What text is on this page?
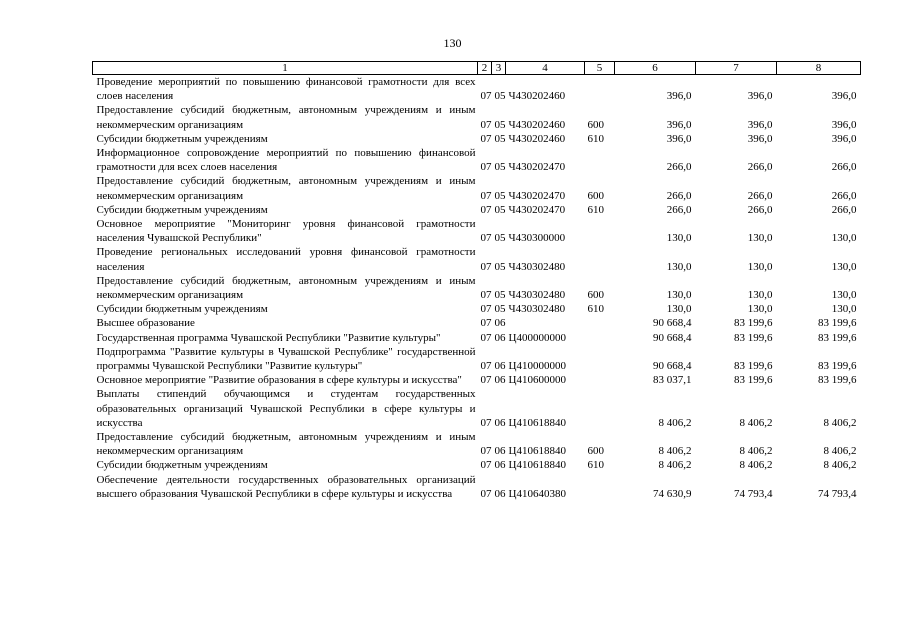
130
1	2	3	4	5	6	7	8
Проведение мероприятий по повышению финансовой грамотности для всех слоев населения	07	05	Ч430202460		396,0	396,0	396,0
Предоставление субсидий бюджетным, автономным учреждениям и иным некоммерческим организациям	07	05	Ч430202460	600	396,0	396,0	396,0
Субсидии бюджетным учреждениям	07	05	Ч430202460	610	396,0	396,0	396,0
Информационное сопровождение мероприятий по повышению финансовой грамотности для всех слоев населения	07	05	Ч430202470		266,0	266,0	266,0
Предоставление субсидий бюджетным, автономным учреждениям и иным некоммерческим организациям	07	05	Ч430202470	600	266,0	266,0	266,0
Субсидии бюджетным учреждениям	07	05	Ч430202470	610	266,0	266,0	266,0
Основное мероприятие "Мониторинг уровня финансовой грамотности населения Чувашской Республики"	07	05	Ч430300000		130,0	130,0	130,0
Проведение региональных исследований уровня финансовой грамотности населения	07	05	Ч430302480		130,0	130,0	130,0
Предоставление субсидий бюджетным, автономным учреждениям и иным некоммерческим организациям	07	05	Ч430302480	600	130,0	130,0	130,0
Субсидии бюджетным учреждениям	07	05	Ч430302480	610	130,0	130,0	130,0
Высшее образование	07	06			90 668,4	83 199,6	83 199,6
Государственная программа Чувашской Республики "Развитие культуры"	07	06	Ц400000000		90 668,4	83 199,6	83 199,6
Подпрограмма "Развитие культуры в Чувашской Республике" государственной программы Чувашской Республики "Развитие культуры"	07	06	Ц410000000		90 668,4	83 199,6	83 199,6
Основное мероприятие "Развитие образования в сфере культуры и искусства"	07	06	Ц410600000		83 037,1	83 199,6	83 199,6
Выплаты стипендий обучающимся и студентам государственных образовательных организаций Чувашской Республики в сфере культуры и искусства	07	06	Ц410618840		8 406,2	8 406,2	8 406,2
Предоставление субсидий бюджетным, автономным учреждениям и иным некоммерческим организациям	07	06	Ц410618840	600	8 406,2	8 406,2	8 406,2
Субсидии бюджетным учреждениям	07	06	Ц410618840	610	8 406,2	8 406,2	8 406,2
Обеспечение деятельности государственных образовательных организаций высшего образования Чувашской Республики в сфере культуры и искусства	07	06	Ц410640380		74 630,9	74 793,4	74 793,4
